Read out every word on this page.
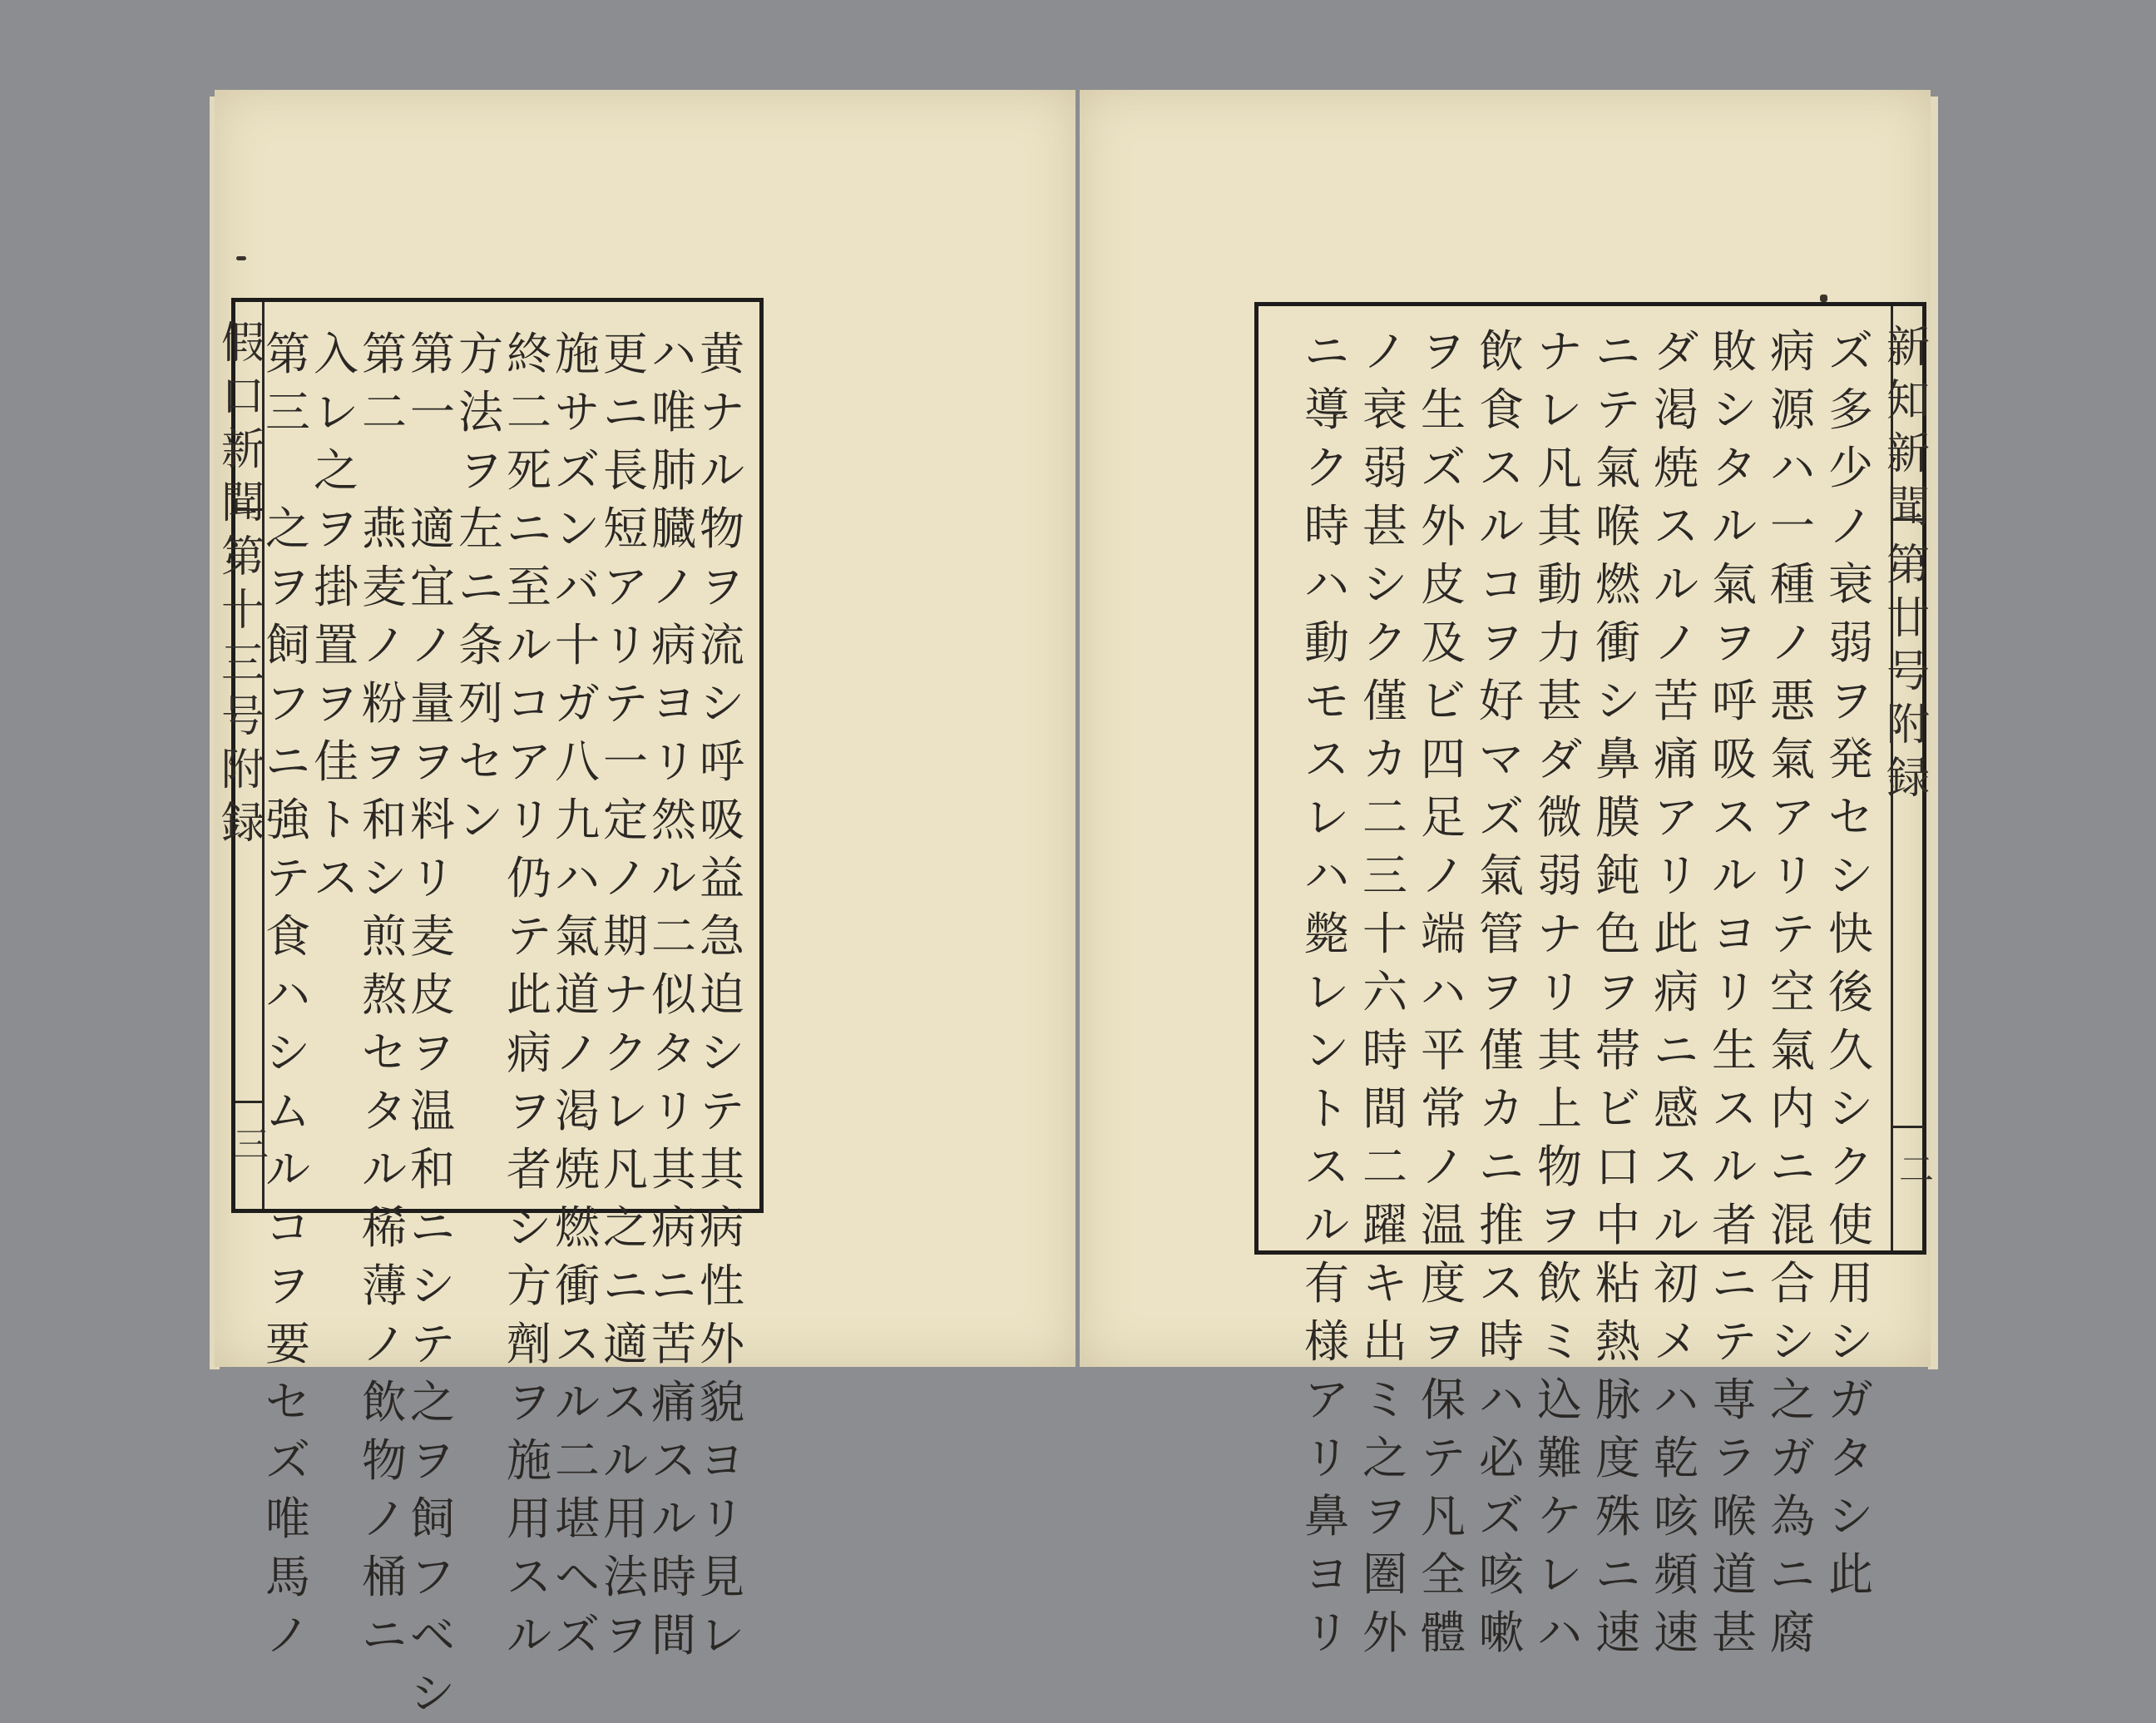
假
口
新
聞
第
十
三
号
附
録
三
黄
ナ
ル
物
ヲ
流
シ
呼
吸
益
急
迫
シ
テ
其
病
性
外
貌
ヨ
リ
見
レ
ハ
唯
肺
臓
ノ
病
ヨ
リ
然
ル
二
似
タ
リ
其
病
ニ
苦
痛
ス
ル
時
間
更
ニ
長
短
ア
リ
テ
一
定
ノ
期
ナ
ク
レ
凡
之
ニ
適
ス
ル
用
法
ヲ
施
サ
ズ
ン
バ
十
ガ
八
九
ハ
氣
道
ノ
渇
焼
燃
衝
ス
ル
二
堪
ヘ
ズ
終
二
死
ニ
至
ル
コ
ア
リ
仍
テ
此
病
ヲ
者
シ
方
劑
ヲ
施
用
ス
ル
方
法
ヲ
左
ニ
条
列
セ
ン
第
一

適
宜
ノ
量
ヲ
料
リ
麦
皮
ヲ
温
和
ニ
シ
テ
之
ヲ
飼
フ
ベ
シ
第
二

燕
麦
ノ
粉
ヲ
和
シ
煎
熬
セ
タ
ル
稀
薄
ノ
飲
物
ノ
桶
ニ
入
レ
之
ヲ
掛
置
ヲ
佳
ト
ス
第
三

之
ヲ
飼
フ
ニ
強
テ
食
ハ
シ
ム
ル
コ
ヲ
要
セ
ズ
唯
馬
ノ
新
知
新
聞
第
廿
号
附
録
二
ズ
多
少
ノ
衰
弱
ヲ
発
セ
シ
快
後
久
シ
ク
使
用
シ
ガ
タ
シ
此
病
源
ハ
一
種
ノ
悪
氣
ア
リ
テ
空
氣
内
ニ
混
合
シ
之
ガ
為
ニ
腐
敗
シ
タ
ル
氣
ヲ
呼
吸
ス
ル
ヨ
リ
生
ス
ル
者
ニ
テ
専
ラ
喉
道
甚
ダ
渇
焼
ス
ル
ノ
苦
痛
ア
リ
此
病
ニ
感
ス
ル
初
メ
ハ
乾
咳
頻
速
ニ
テ
氣
喉
燃
衝
シ
鼻
膜
鈍
色
ヲ
帯
ビ
口
中
粘
熱
脉
度
殊
ニ
速
ナ
レ
凡
其
動
力
甚
ダ
微
弱
ナ
リ
其
上
物
ヲ
飲
ミ
込
難
ケ
レ
ハ
飲
食
ス
ル
コ
ヲ
好
マ
ズ
氣
管
ヲ
僅
カ
ニ
推
ス
時
ハ
必
ズ
咳
嗽
ヲ
生
ズ
外
皮
及
ビ
四
足
ノ
端
ハ
平
常
ノ
温
度
ヲ
保
テ
凡
全
體
ノ
衰
弱
甚
シ
ク
僅
カ
二
三
十
六
時
間
二
躍
キ
出
ミ
之
ヲ
圏
外
ニ
導
ク
時
ハ
動
モ
ス
レ
ハ
斃
レ
ン
ト
ス
ル
有
様
ア
リ
鼻
ヨ
リ
